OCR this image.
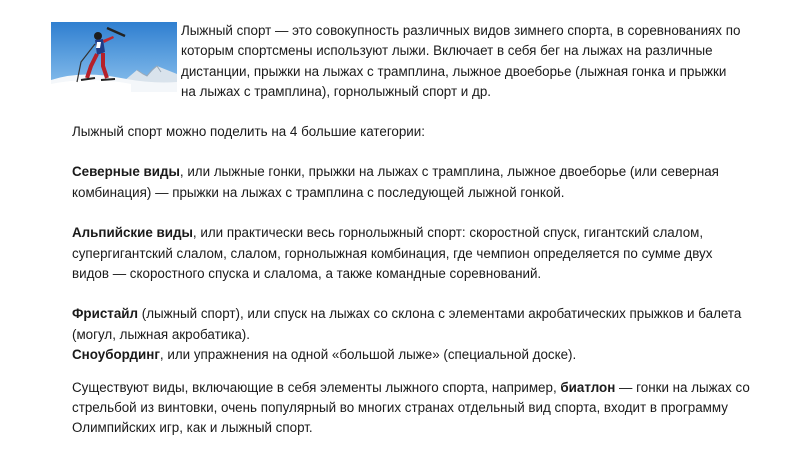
Лыжный спорт — это совокупность различных видов зимнего спорта, в соревнованиях по которым спортсмены используют лыжи. Включает в себя бег на лыжах на различные дистанции, прыжки на лыжах с трамплина, лыжное двоеборье (лыжная гонка и прыжки на лыжах с трамплина), горнолыжный спорт и др.

Лыжный спорт можно поделить на 4 большие категории:

Северные виды, или лыжные гонки, прыжки на лыжах с трамплина, лыжное двоеборье (или северная комбинация) — прыжки на лыжах с трамплина с последующей лыжной гонкой.

Альпийские виды, или практически весь горнолыжный спорт: скоростной спуск, гигантский слалом, супергигантский слалом, слалом, горнолыжная комбинация, где чемпион определяется по сумме двух видов — скоростного спуска и слалома, а также командные соревнований.

Фристайл (лыжный спорт), или спуск на лыжах со склона с элементами акробатических прыжков и балета (могул, лыжная акробатика).

Сноубординг, или упражнения на одной «большой лыже» (специальной доске).

Существуют виды, включающие в себя элементы лыжного спорта, например, биатлон — гонки на лыжах со стрельбой из винтовки, очень популярный во многих странах отдельный вид спорта, входит в программу Олимпийских игр, как и лыжный спорт.
